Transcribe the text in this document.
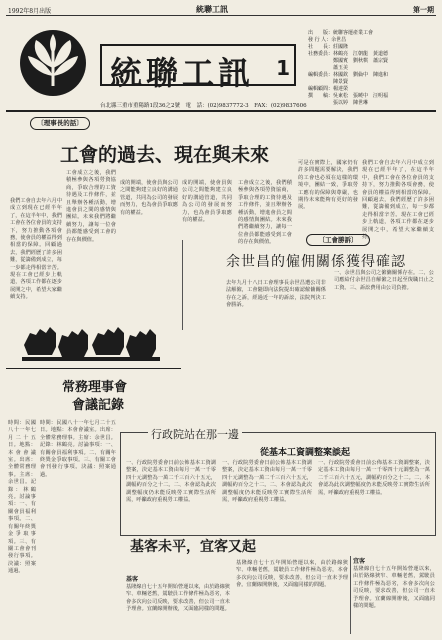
1992年8月出版	統聯工訊	第一期
統聯工訊 1
出　　版：統聯客運產業工會
發 行 人：余世昌
社　　長：莊國隆
社務委員：林鶴亮　江朝龍　黃道德
　　　　　鄭國賓　劉秋棋　蕭宗賢
　　　　　蕭玉美
編輯委員：林國欽　劉倫中　陳進和
　　　　　陳景賢
編輯顧問：楊達榮
撰　　稿：吳東松　張曉中　汪明福
　　　　　張以婷　陳世琳
台北縣三重市重陽路1段36之2號　電　話：(02)9837772-3　FAX：(02)9837606
〔理事長的話〕
工會的過去、現在與未來
我們工會自去年六月中成立到現在已經半年了，在這半年中，我們工會在各位會員的支持下，努力推動各項會務，使會員的權益得到相當的保障。回顧過去，我們經歷了許多困難，從籌備到成立，每一步都走得相當辛苦。現在工會已經步上軌道，各項工作都在逐步展開之中，希望大家繼續支持。
工會成立之後，我們積極參與各項勞資協商，爭取合理的工資待遇及工作條件，並且舉辦各種活動，增進會員之間的感情與團結。未來我們將繼續努力，讓每一位會員都能感受到工會的存在與價值。
成的開端，使會員與公司之間能夠建立良好的溝通管道，共同為公司的發展而努力，也為會員爭取應有的權益。
成的開端，使會員與公司之間能夠建立良好的溝通管道，共同為公司的發展而努力，也為會員爭取應有的權益。
工會成立之後，我們積極參與各項勞資協商，爭取合理的工資待遇及工作條件，並且舉辦各種活動，增進會員之間的感情與團結。未來我們將繼續努力，讓每一位會員都能感受到工會的存在與價值。
可是在實際上，國家仍有許多問題需要解決，我們的工會也必須在這樣的環境中，團結一致，爭取勞工應有的保障與尊嚴，也期待未來能夠有更好的發展。
我們工會自去年六月中成立到現在已經半年了，在這半年中，我們工會在各位會員的支持下，努力推動各項會務，使會員的權益得到相當的保障。回顧過去，我們經歷了許多困難，從籌備到成立，每一步都走得相當辛苦。現在工會已經步上軌道，各項工作都在逐步展開之中，希望大家繼續支持。
〔工會勝訴〕
余世昌的僱佣關係獲得確認
去年九月十八日工會理事長余世昌遭公司非法解僱，工會隨即向法院提出確認僱傭關係存在之訴，經過近一年的訴訟，法院判決工會勝訴。
一、余世昌與公司之僱傭關係存在。二、公司應給付余世昌自解僱之日起至復職日止之工資。三、訴訟費用由公司負擔。
常務理事會
會議記錄
時間：民國八十一年七月二十五日。地點：本會會議室。出席：全體常務理事。主席：余世昌。記錄：林鶴亮。討論事項：一、有關會員福利事項。二、有關年終獎金爭取事項。三、有關工會會刊發行事項。決議：照案通過。
時間：民國八十一年七月二十五日。地點：本會會議室。出席：全體常務理事。主席：余世昌。記錄：林鶴亮。討論事項：一、有關會員福利事項。二、有關年終獎金爭取事項。三、有關工會會刊發行事項。決議：照案通過。
行政院站在那一邊
從基本工資調整案談起
一、行政院勞委會日前公佈基本工資調整案，決定基本工資由每月一萬一千零四十元調整為一萬二千三百六十五元，調幅約百分之十二。二、本會認為此次調整幅度仍未能反映勞工實際生活所需，呼籲政府重視勞工權益。
一、行政院勞委會日前公佈基本工資調整案，決定基本工資由每月一萬一千零四十元調整為一萬二千三百六十五元，調幅約百分之十二。二、本會認為此次調整幅度仍未能反映勞工實際生活所需，呼籲政府重視勞工權益。
一、行政院勞委會日前公佈基本工資調整案，決定基本工資由每月一萬一千零四十元調整為一萬二千三百六十五元，調幅約百分之十二。二、本會認為此次調整幅度仍未能反映勞工實際生活所需，呼籲政府重視勞工權益。
基客未平，宜客又起
基客
宜客
基隆線自七十五年開始營運以來，由於路線狹窄、車輛老舊，駕駛員工作條件極為惡劣，本會多次向公司反映，要求改善，但公司一直未予理會。宜蘭線開辦後，又面臨同樣的問題。
基隆線自七十五年開始營運以來，由於路線狹窄、車輛老舊，駕駛員工作條件極為惡劣，本會多次向公司反映，要求改善，但公司一直未予理會。宜蘭線開辦後，又面臨同樣的問題。
基隆線自七十五年開始營運以來，由於路線狹窄、車輛老舊，駕駛員工作條件極為惡劣，本會多次向公司反映，要求改善，但公司一直未予理會。宜蘭線開辦後，又面臨同樣的問題。
